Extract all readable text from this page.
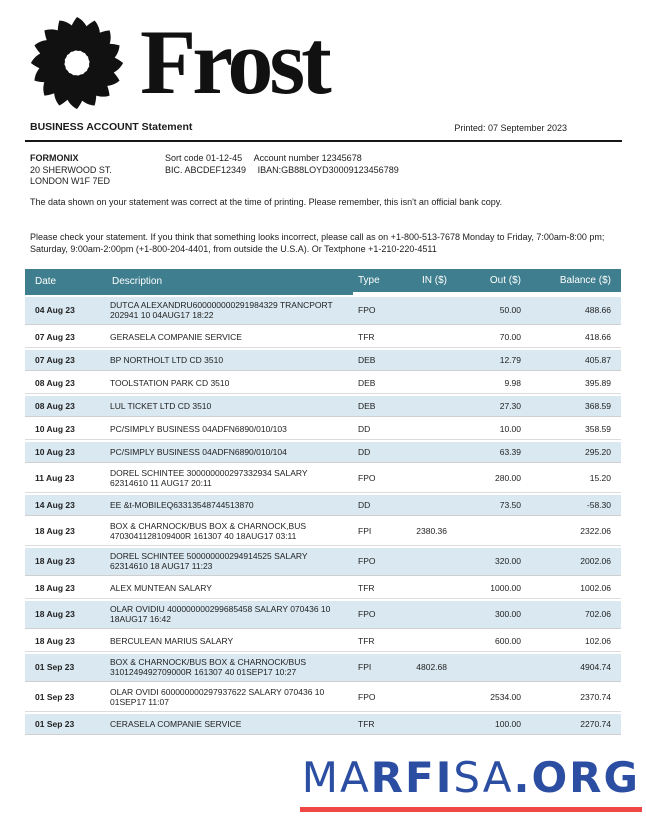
Frost
BUSINESS ACCOUNT Statement	Printed: 07 September 2023
FORMONIX
20 SHERWOOD ST.
LONDON W1F 7ED
Sort code 01-12-45 Account number 12345678
BIC. ABCDEF12349 IBAN:GB88LOYD30009123456789

The data shown on your statement was correct at the time of printing. Please remember, this isn't an official bank copy.

Please check your statement. If you think that something looks incorrect, please call as on +1-800-513-7678 Monday to Friday, 7:00am-8:00 pm; Saturday, 9:00am-2:00pm (+1-800-204-4401, from outside the U.S.A). Or Textphone +1-210-220-4511

Date	Description	Type	IN ($)	Out ($)	Balance ($)
04 Aug 23	DUTCA ALEXANDRU600000000291984329 TRANCPORT 202941 10 04AUG17 18:22	FPO		50.00	488.66
07 Aug 23	GERASELA COMPANIE SERVICE	TFR		70.00	418.66
07 Aug 23	BP NORTHOLT LTD CD 3510	DEB		12.79	405.87
08 Aug 23	TOOLSTATION PARK CD 3510	DEB		9.98	395.89
08 Aug 23	LUL TICKET LTD CD 3510	DEB		27.30	368.59
10 Aug 23	PC/SIMPLY BUSINESS 04ADFN6890/010/103	DD		10.00	358.59
10 Aug 23	PC/SIMPLY BUSINESS 04ADFN6890/010/104	DD		63.39	295.20
11 Aug 23	DOREL SCHINTEE 300000000297332934 SALARY 62314610 11 AUG17 20:11	FPO		280.00	15.20
14 Aug 23	EE &t-MOBILEQ63313548744513870	DD		73.50	-58.30
18 Aug 23	BOX & CHARNOCK/BUS BOX & CHARNOCK,BUS 4703041128109400R 161307 40 18AUG17 03:11	FPI	2380.36		2322.06
18 Aug 23	DOREL SCHINTEE 500000000294914525 SALARY 62314610 18 AUG17 11:23	FPO		320.00	2002.06
18 Aug 23	ALEX MUNTEAN SALARY	TFR		1000.00	1002.06
18 Aug 23	OLAR OVIDIU 400000000299685458 SALARY 070436 10 18AUG17 16:42	FPO		300.00	702.06
18 Aug 23	BERCULEAN MARIUS SALARY	TFR		600.00	102.06
01 Sep 23	BOX & CHARNOCK/BUS BOX & CHARNOCK/BUS 3101249492709000R 161307 40 01SEP17 10:27	FPI	4802.68		4904.74
01 Sep 23	OLAR OVIDI 600000000297937622 SALARY 070436 10 01SEP17 11:07	FPO		2534.00	2370.74
01 Sep 23	CERASELA COMPANIE SERVICE	TFR		100.00	2270.74
MARFISA.ORG
